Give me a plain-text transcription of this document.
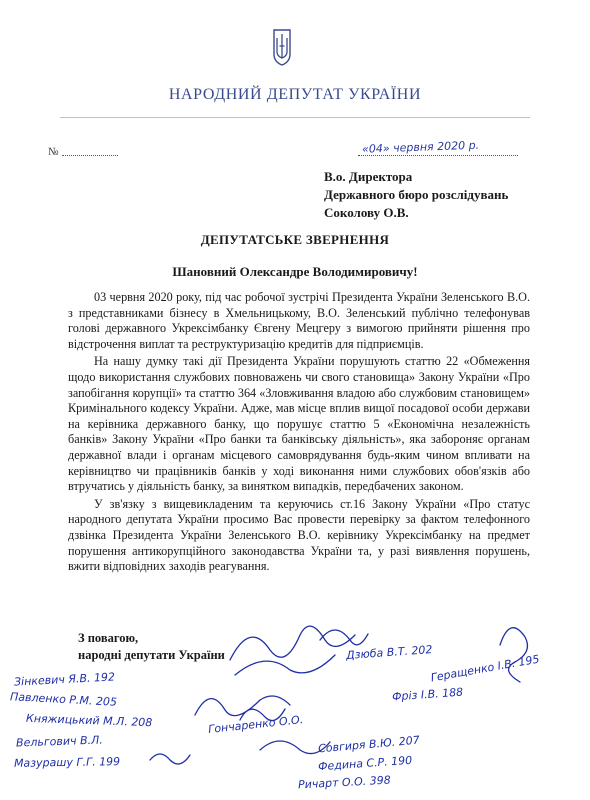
НАРОДНИЙ ДЕПУТАТ УКРАЇНИ
№	«04» червня 2020 р.
В.о. Директора
Державного бюро розслідувань
Соколову О.В.
ДЕПУТАТСЬКЕ ЗВЕРНЕННЯ
Шановний Олександре Володимировичу!

03 червня 2020 року, під час робочої зустрічі Президента України Зеленського В.О. з представниками бізнесу в Хмельницькому, В.О. Зеленський публічно телефонував голові державного Укрексімбанку Євгену Мецгеру з вимогою прийняти рішення про відстрочення виплат та реструктуризацію кредитів для підприємців.

На нашу думку такі дії Президента України порушують статтю 22 «Обмеження щодо використання службових повноважень чи свого становища» Закону України «Про запобігання корупції» та статтю 364 «Зловживання владою або службовим становищем» Кримінального кодексу України. Адже, мав місце вплив вищої посадової особи держави на керівника державного банку, що порушує статтю 5 «Економічна незалежність банків» Закону України «Про банки та банківську діяльність», яка забороняє органам державної влади і органам місцевого самоврядування будь-яким чином впливати на керівництво чи працівників банків у ході виконання ними службових обов'язків або втручатись у діяльність банку, за винятком випадків, передбачених законом.

У зв'язку з вищевикладеним та керуючись ст.16 Закону України «Про статус народного депутата України просимо Вас провести перевірку за фактом телефонного дзвінка Президента України Зеленського В.О. керівнику Укрексімбанку на предмет порушення антикорупційного законодавства України та, у разі виявлення порушень, вжити відповідних заходів реагування.

З повагою,
народні депутати України
Зінкевич Я.В. 192
Павленко Р.М. 205
Княжицький М.Л. 208
Вельгович В.Л.
Мазурашу Г.Г. 199
Фріз І.В. 188
Гончаренко О.О.
Совгиря В.Ю. 207
Федина С.Р. 190
Ричарт О.О. 398
Дзюба В.Т. 202
Геращенко І.В. 195
